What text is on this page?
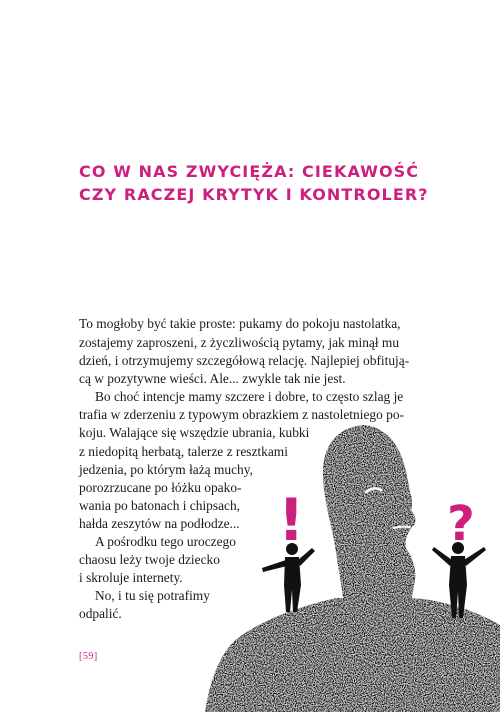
CO W NAS ZWYCIĘŻA: CIEKAWOŚĆ
CZY RACZEJ KRYTYK I KONTROLER?
To mogłoby być takie proste: pukamy do pokoju nastolatka,
zostajemy zaproszeni, z życzliwością pytamy, jak minął mu
dzień, i otrzymujemy szczegółową relację. Najlepiej obfitują-
cą w pozytywne wieści. Ale... zwykle tak nie jest.
Bo choć intencje mamy szczere i dobre, to często szlag je
trafia w zderzeniu z typowym obrazkiem z nastoletniego po-
koju. Walające się wszędzie ubrania, kubki
z niedopitą herbatą, talerze z resztkami
jedzenia, po którym łażą muchy,
porozrzucane po łóżku opako-
wania po batonach i chipsach,
hałda zeszytów na podłodze...
A pośrodku tego uroczego
chaosu leży twoje dziecko
i skroluje internety.
No, i tu się potrafimy
odpalić.
!	?
[59]
